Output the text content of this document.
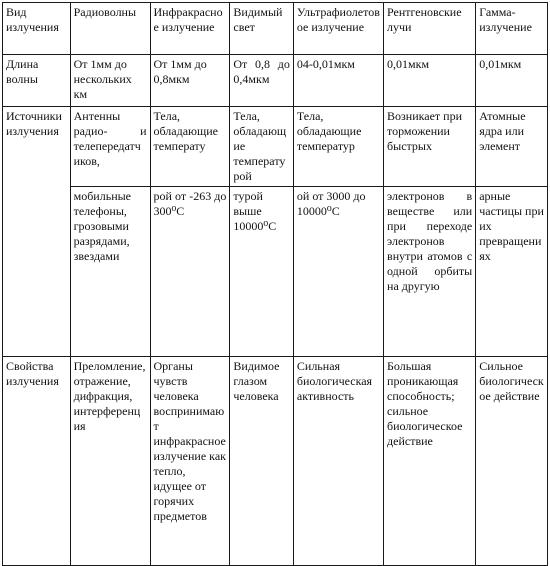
Вид излучения	Радиоволны	Инфракрасное излучение	Видимый свет	Ультрафиолетовое излучение	Рентгеновские лучи	Гамма-излучение

Длина волны	От 1мм до нескольких км	От 1мм до 0,8мкм	От 0,8 до 0,4мкм	04-0,01мкм	0,01мкм	0,01мкм

Источники излучения	Антенны радио- и телепередатчиков,	Тела, обладающие температу	Тела, обладающие температурой	Тела, обладающие температур	Возникает при торможении быстрых	Атомные ядра или элемент

	мобильные телефоны, грозовыми разрядами, звездами	рой от -263 до 300⁰С	турой выше 10000⁰С	ой от 3000 до 10000⁰С	электронов в веществе или при переходе электронов внутри атомов с одной орбиты на другую	арные частицы при их превращениях

Свойства излучения	Преломление, отражение, дифракция, интерференция	Органы чувств человека воспринимают инфракрасное излучение как тепло, идущее от горячих предметов	Видимое глазом человека	Сильная биологическая активность	Большая проникающая способность; сильное биологическое действие	Сильное биологическое действие
